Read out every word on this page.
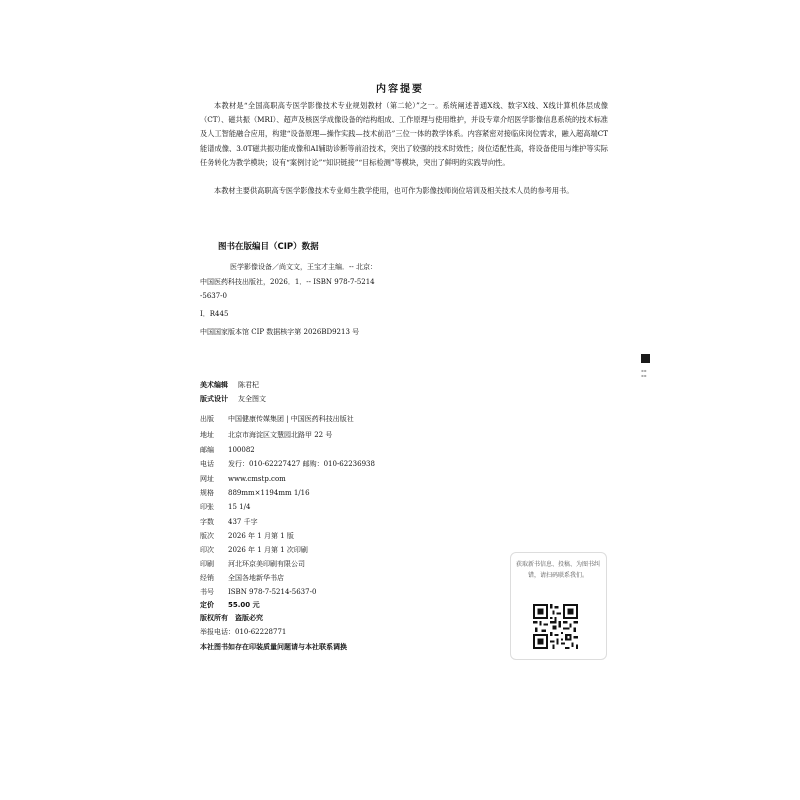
内容提要
本教材是“全国高职高专医学影像技术专业规划教材（第二轮）”之一。系统阐述普通X线、数字X线、X线计算机体层成像（CT）、磁共振（MRI）、超声及核医学成像设备的结构组成、工作原理与使用维护，并设专章介绍医学影像信息系统的技术标准及人工智能融合应用，构建“设备原理—操作实践—技术前沿”三位一体的教学体系。内容紧密对接临床岗位需求，融入超高端CT能谱成像、3.0T磁共振功能成像和AI辅助诊断等前沿技术，突出了较强的技术时效性；岗位适配性高，将设备使用与维护等实际任务转化为教学模块；设有“案例讨论”“知识链接”“目标检测”等模块，突出了鲜明的实践导向性。
本教材主要供高职高专医学影像技术专业师生教学使用，也可作为影像技师岗位培训及相关技术人员的参考用书。
图书在版编目（CIP）数据
医学影像设备／尚文文，王宝才主编．-- 北京：
中国医药科技出版社，2026．1．-- ISBN 978-7-5214
-5637-0
Ⅰ．R445
中国国家版本馆 CIP 数据核字第 2026BD9213 号
美术编辑 陈君杞
版式设计 友全图文
出版 中国健康传媒集团 | 中国医药科技出版社
地址 北京市海淀区文慧园北路甲 22 号
邮编 100082
电话 发行：010-62227427 邮购：010-62236938
网址 www.cmstp.com
规格 889mm×1194mm 1/16
印张 15 1/4
字数 437 千字
版次 2026 年 1 月第 1 版
印次 2026 年 1 月第 1 次印刷
印刷 河北环京美印刷有限公司
经销 全国各地新华书店
书号 ISBN 978-7-5214-5637-0
定价 55.00 元
版权所有　盗版必究
举报电话：010-62228771
本社图书如存在印装质量问题请与本社联系调换
▪▪ ▪▪
获取新书信息、投稿、为图书纠错，请扫码联系我们。
